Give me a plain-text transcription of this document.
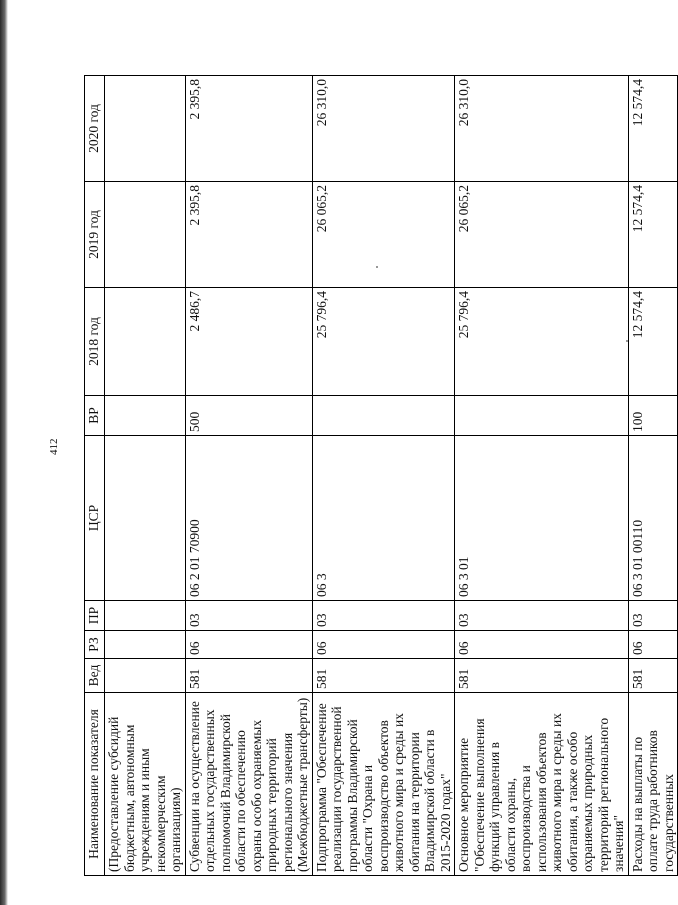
412
Наименование показателя	Вед	РЗ	ПР	ЦСР	ВР	2018 год	2019 год	2020 год
(Предоставление субсидий бюджетным, автономным учреждениям и иным некоммерческим организациям)								
Субвенции на осуществление отдельных государственных полномочий Владимирской области по обеспечению охраны особо охраняемых природных территорий регионального значения (Межбюджетные трансферты)	581	06	03	06 2 01 70900	500	2 486,7	2 395,8	2 395,8
Подпрограмма "Обеспечение реализации государственной программы Владимирской области "Охрана и воспроизводство объектов животного мира и среды их обитания на территории Владимирской области в 2015-2020 годах"	581	06	03	06 3		25 796,4	26 065,2	26 310,0
Основное мероприятие "Обеспечение выполнения функций управления в области охраны, воспроизводства и использования объектов животного мира и среды их обитания, а также особо охраняемых природных территорий регионального значения"	581	06	03	06 3 01		25 796,4	26 065,2	26 310,0
Расходы на выплаты по оплате труда работников государственных	581	06	03	06 3 01 00110	100	12 574,4	12 574,4	12 574,4
